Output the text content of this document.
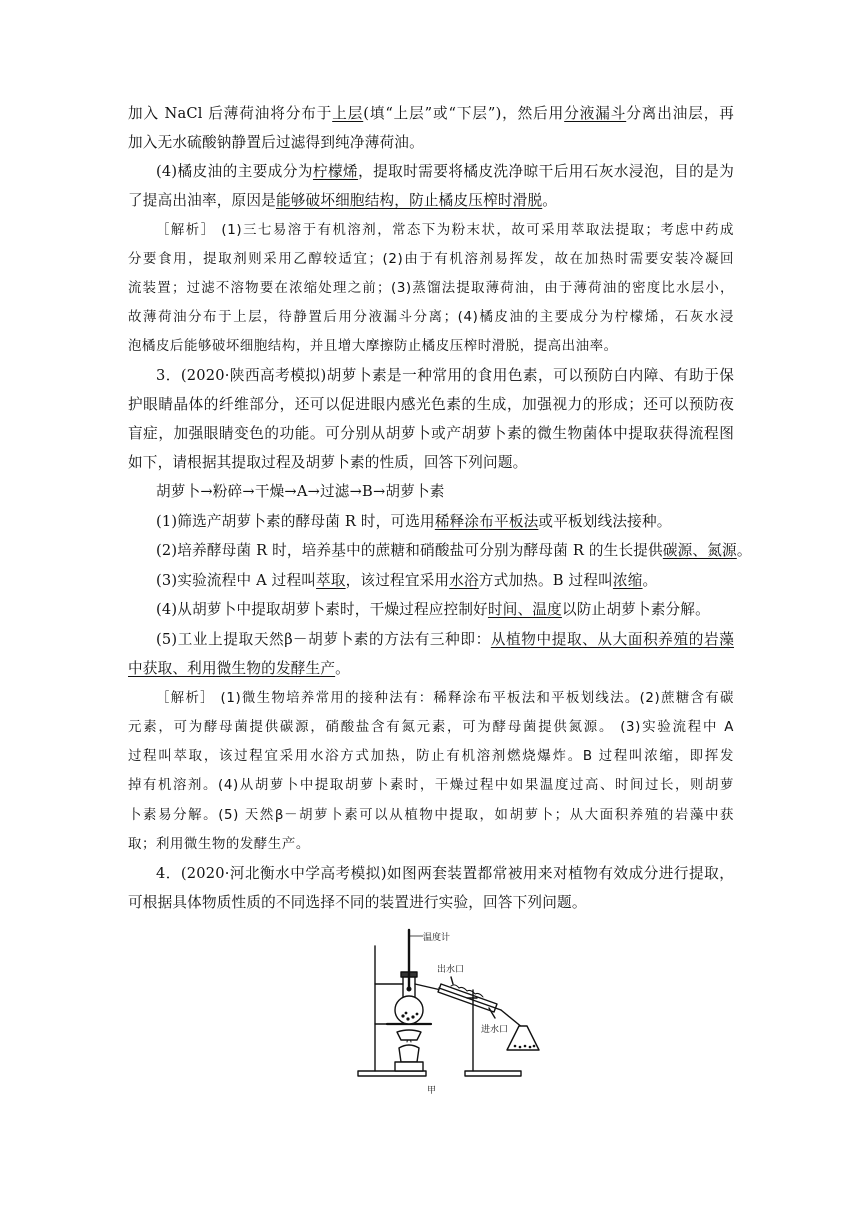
加入 NaCl 后薄荷油将分布于上层(填“上层”或“下层”)，然后用分液漏斗分离出油层，再
加入无水硫酸钠静置后过滤得到纯净薄荷油。
(4)橘皮油的主要成分为柠檬烯，提取时需要将橘皮洗净晾干后用石灰水浸泡，目的是为
了提高出油率，原因是能够破坏细胞结构，防止橘皮压榨时滑脱。
［解析］ (1)三七易溶于有机溶剂，常态下为粉末状，故可采用萃取法提取；考虑中药成
分要食用，提取剂则采用乙醇较适宜；(2)由于有机溶剂易挥发，故在加热时需要安装冷凝回
流装置；过滤不溶物要在浓缩处理之前；(3)蒸馏法提取薄荷油，由于薄荷油的密度比水层小，
故薄荷油分布于上层，待静置后用分液漏斗分离；(4)橘皮油的主要成分为柠檬烯，石灰水浸
泡橘皮后能够破坏细胞结构，并且增大摩擦防止橘皮压榨时滑脱，提高出油率。
3．(2020·陕西高考模拟)胡萝卜素是一种常用的食用色素，可以预防白内障、有助于保
护眼睛晶体的纤维部分，还可以促进眼内感光色素的生成，加强视力的形成；还可以预防夜
盲症，加强眼睛变色的功能。可分别从胡萝卜或产胡萝卜素的微生物菌体中提取获得流程图
如下，请根据其提取过程及胡萝卜素的性质，回答下列问题。
胡萝卜→粉碎→干燥→A→过滤→B→胡萝卜素
(1)筛选产胡萝卜素的酵母菌 R 时，可选用稀释涂布平板法或平板划线法接种。
(2)培养酵母菌 R 时，培养基中的蔗糖和硝酸盐可分别为酵母菌 R 的生长提供碳源、氮源。
(3)实验流程中 A 过程叫萃取，该过程宜采用水浴方式加热。B 过程叫浓缩。
(4)从胡萝卜中提取胡萝卜素时，干燥过程应控制好时间、温度以防止胡萝卜素分解。
(5)工业上提取天然β－胡萝卜素的方法有三种即：从植物中提取、从大面积养殖的岩藻
中获取、利用微生物的发酵生产。
［解析］ (1)微生物培养常用的接种法有：稀释涂布平板法和平板划线法。(2)蔗糖含有碳
元素，可为酵母菌提供碳源，硝酸盐含有氮元素，可为酵母菌提供氮源。 (3)实验流程中 A
过程叫萃取，该过程宜采用水浴方式加热，防止有机溶剂燃烧爆炸。B 过程叫浓缩，即挥发
掉有机溶剂。(4)从胡萝卜中提取胡萝卜素时，干燥过程中如果温度过高、时间过长，则胡萝
卜素易分解。(5) 天然β－胡萝卜素可以从植物中提取，如胡萝卜；从大面积养殖的岩藻中获
取；利用微生物的发酵生产。
4．(2020·河北衡水中学高考模拟)如图两套装置都常被用来对植物有效成分进行提取，
可根据具体物质性质的不同选择不同的装置进行实验，回答下列问题。
温度计
出水口
进水口
甲
